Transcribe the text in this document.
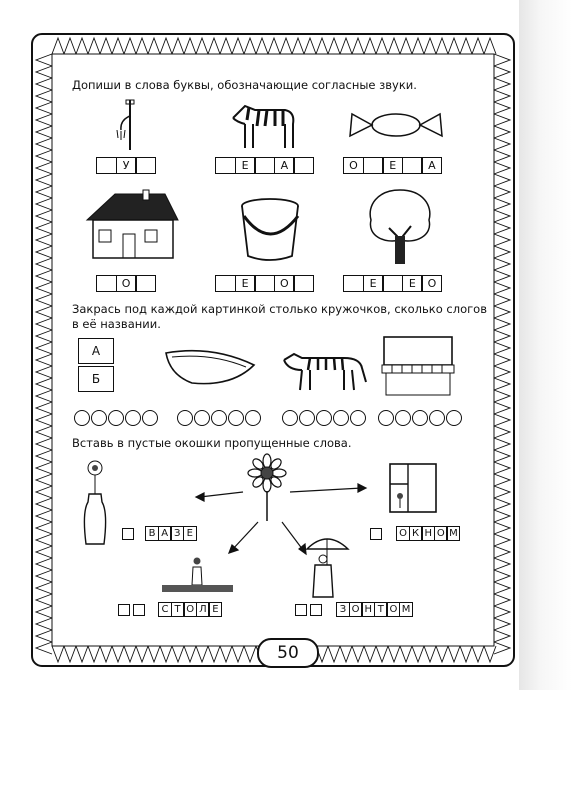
Допиши в слова буквы, обозначающие согласные звуки.
У	Е	А	О	Е	А
О	Е	О	Е	Е	О
Закрась под каждой картинкой столько кружочков, сколько слогов
в её названии.
А
Б
Вставь в пустые окошки пропущенные слова.
В А З Е	О К Н О М
С Т О Л Е	З О Н Т О М
50
